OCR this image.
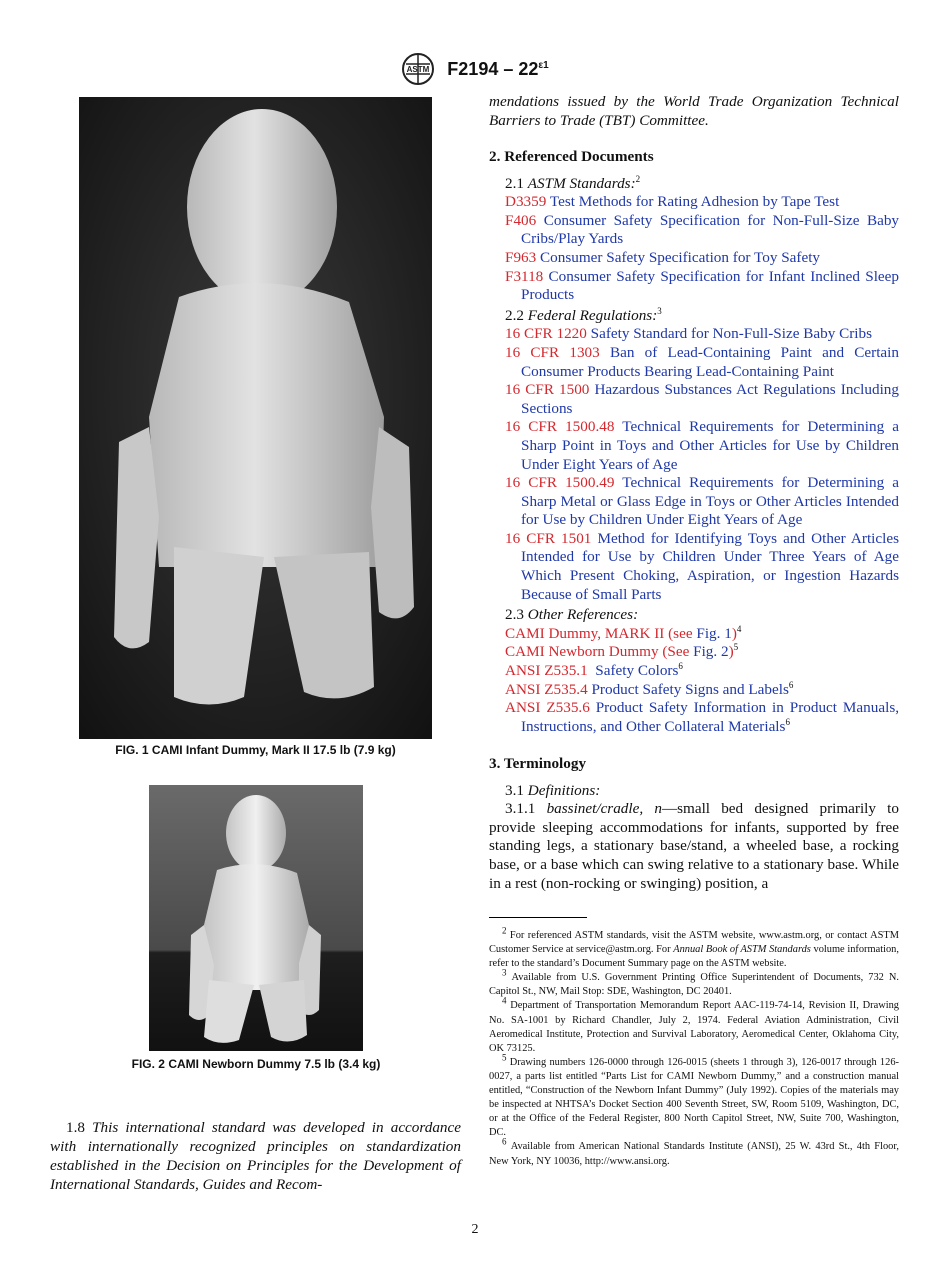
ASTM $F2194 - 22^{\varepsilon 1}$
FIG. 1 CAMI Infant Dummy, Mark II 17.5 lb (7.9 kg)
FIG. 2 CAMI Newborn Dummy 7.5 lb (3.4 kg)
1.8 This international standard was developed in accordance with internationally recognized principles on standardization established in the Decision on Principles for the Development of International Standards, Guides and Recom-
mendations issued by the World Trade Organization Technical Barriers to Trade (TBT) Committee.
2. Referenced Documents
2.1 ASTM Standards:$^2$
D3359 Test Methods for Rating Adhesion by Tape Test
F406 Consumer Safety Specification for Non-Full-Size Baby Cribs/Play Yards
F963 Consumer Safety Specification for Toy Safety
F3118 Consumer Safety Specification for Infant Inclined Sleep Products
2.2 Federal Regulations:$^3$
16 CFR 1220 Safety Standard for Non-Full-Size Baby Cribs
16 CFR 1303 Ban of Lead-Containing Paint and Certain Consumer Products Bearing Lead-Containing Paint
16 CFR 1500 Hazardous Substances Act Regulations Including Sections
16 CFR 1500.48 Technical Requirements for Determining a Sharp Point in Toys and Other Articles for Use by Children Under Eight Years of Age
16 CFR 1500.49 Technical Requirements for Determining a Sharp Metal or Glass Edge in Toys or Other Articles Intended for Use by Children Under Eight Years of Age
16 CFR 1501 Method for Identifying Toys and Other Articles Intended for Use by Children Under Three Years of Age Which Present Choking, Aspiration, or Ingestion Hazards Because of Small Parts
2.3 Other References:
CAMI Dummy, MARK II (see Fig. 1)$^4$
CAMI Newborn Dummy (See Fig. 2)$^5$
ANSI Z535.1 Safety Colors$^6$
ANSI Z535.4 Product Safety Signs and Labels$^6$
ANSI Z535.6 Product Safety Information in Product Manuals, Instructions, and Other Collateral Materials$^6$
3. Terminology

3.1 Definitions:

3.1.1 bassinet/cradle, n—small bed designed primarily to provide sleeping accommodations for infants, supported by free standing legs, a stationary base/stand, a wheeled base, a rocking base, or a base which can swing relative to a stationary base. While in a rest (non-rocking or swinging) position, a

$^2$ For referenced ASTM standards, visit the ASTM website, www.astm.org, or contact ASTM Customer Service at service@astm.org. For Annual Book of ASTM Standards volume information, refer to the standard’s Document Summary page on the ASTM website.

$^3$ Available from U.S. Government Printing Office Superintendent of Documents, 732 N. Capitol St., NW, Mail Stop: SDE, Washington, DC 20401.

$^4$ Department of Transportation Memorandum Report AAC-119-74-14, Revision II, Drawing No. SA-1001 by Richard Chandler, July 2, 1974. Federal Aviation Administration, Civil Aeromedical Institute, Protection and Survival Laboratory, Aeromedical Center, Oklahoma City, OK 73125.

$^5$ Drawing numbers 126-0000 through 126-0015 (sheets 1 through 3), 126-0017 through 126-0027, a parts list entitled “Parts List for CAMI Newborn Dummy,” and a construction manual entitled, “Construction of the Newborn Infant Dummy” (July 1992). Copies of the materials may be inspected at NHTSA’s Docket Section 400 Seventh Street, SW, Room 5109, Washington, DC, or at the Office of the Federal Register, 800 North Capitol Street, NW, Suite 700, Washington, DC.

$^6$ Available from American National Standards Institute (ANSI), 25 W. 43rd St., 4th Floor, New York, NY 10036, http://www.ansi.org.

2
